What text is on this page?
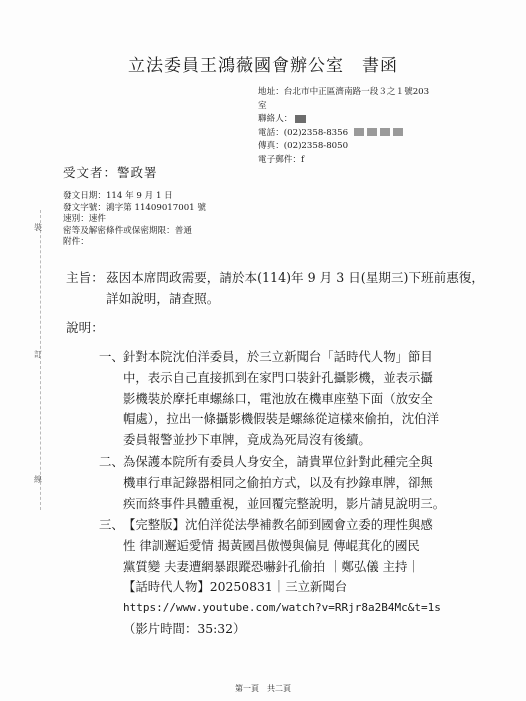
立法委員王鴻薇國會辦公室　書函
地址：台北市中正區濟南路一段３之１號203
室
聯絡人：
電話：(02)2358-8356
傳真：(02)2358-8050
電子郵件：f
受文者：警政署
發文日期：114 年 9 月 1 日
發文字號：鴻字第 11409017001 號
速別：速件
密等及解密條件或保密期限：普通
附件：
裝
訂
線
主旨： 茲因本席問政需要，請於本(114)年 9 月 3 日(星期三)下班前惠復，詳如說明，請查照。
說明：
一、 針對本院沈伯洋委員，於三立新聞台「話時代人物」節目
中，表示自己直接抓到在家門口裝針孔攝影機，並表示攝
影機裝於摩托車螺絲口，電池放在機車座墊下面（放安全
帽處），拉出一條攝影機假裝是螺絲從這樣來偷拍，沈伯洋
委員報警並抄下車牌，竟成為死局沒有後續。
二、 為保護本院所有委員人身安全，請貴單位針對此種完全與
機車行車記錄器相同之偷拍方式，以及有抄錄車牌，卻無
疾而終事件具體重視，並回覆完整說明，影片請見說明三。
三、 【完整版】沈伯洋從法學補教名師到國會立委的理性與感
性 律訓邂逅愛情 揭黃國昌傲慢與偏見 傳崐萁化的國民
黨質變 夫妻遭網暴跟蹤恐嚇針孔偷拍 ｜鄭弘儀 主持｜
【話時代人物】20250831｜三立新聞台
https://www.youtube.com/watch?v=RRjr8a2B4Mc&t=1s
（影片時間：35:32）
第一頁　共二頁
